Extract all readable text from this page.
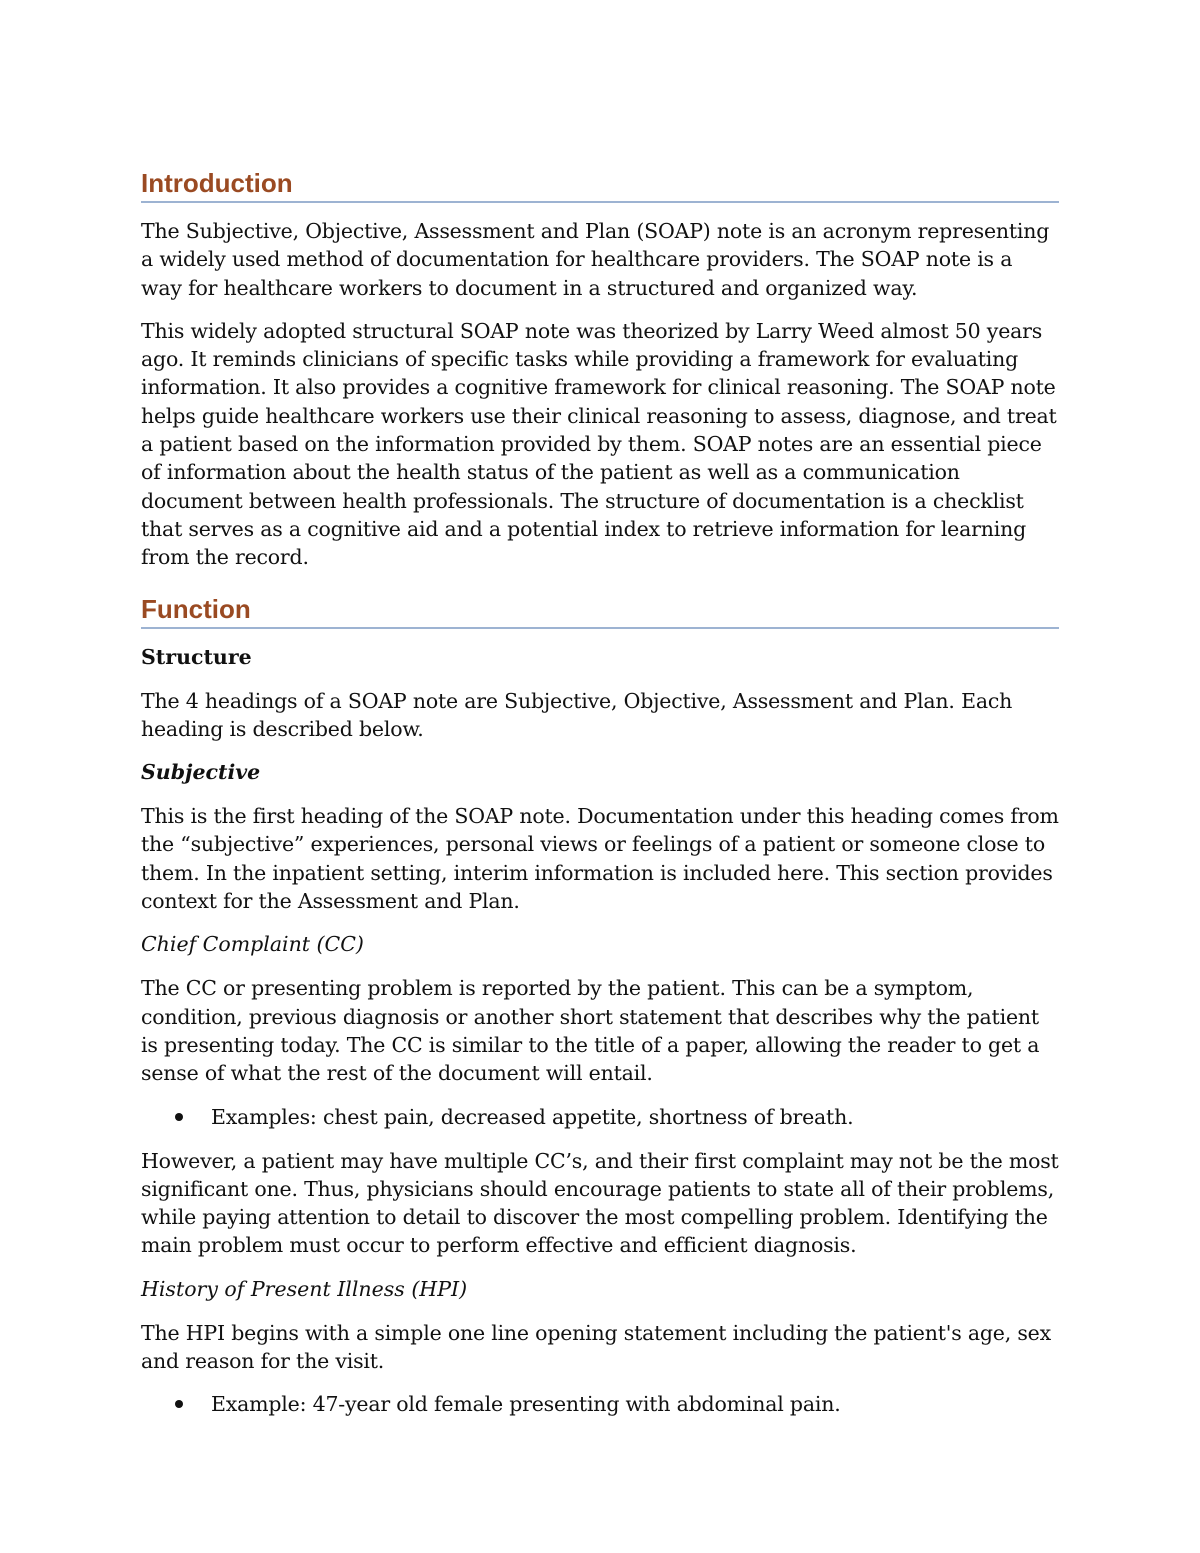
Introduction

The Subjective, Objective, Assessment and Plan (SOAP) note is an acronym representing a widely used method of documentation for healthcare providers. The SOAP note is a way for healthcare workers to document in a structured and organized way.

This widely adopted structural SOAP note was theorized by Larry Weed almost 50 years ago. It reminds clinicians of specific tasks while providing a framework for evaluating information. It also provides a cognitive framework for clinical reasoning. The SOAP note helps guide healthcare workers use their clinical reasoning to assess, diagnose, and treat a patient based on the information provided by them. SOAP notes are an essential piece of information about the health status of the patient as well as a communication document between health professionals. The structure of documentation is a checklist that serves as a cognitive aid and a potential index to retrieve information for learning from the record.

Function
Structure

The 4 headings of a SOAP note are Subjective, Objective, Assessment and Plan. Each heading is described below.

Subjective

This is the first heading of the SOAP note. Documentation under this heading comes from the “subjective” experiences, personal views or feelings of a patient or someone close to them. In the inpatient setting, interim information is included here. This section provides context for the Assessment and Plan.

Chief Complaint (CC)

The CC or presenting problem is reported by the patient. This can be a symptom, condition, previous diagnosis or another short statement that describes why the patient is presenting today. The CC is similar to the title of a paper, allowing the reader to get a sense of what the rest of the document will entail.

Examples: chest pain, decreased appetite, shortness of breath.

However, a patient may have multiple CC’s, and their first complaint may not be the most significant one. Thus, physicians should encourage patients to state all of their problems, while paying attention to detail to discover the most compelling problem. Identifying the main problem must occur to perform effective and efficient diagnosis.

History of Present Illness (HPI)

The HPI begins with a simple one line opening statement including the patient's age, sex and reason for the visit.

Example: 47-year old female presenting with abdominal pain.
